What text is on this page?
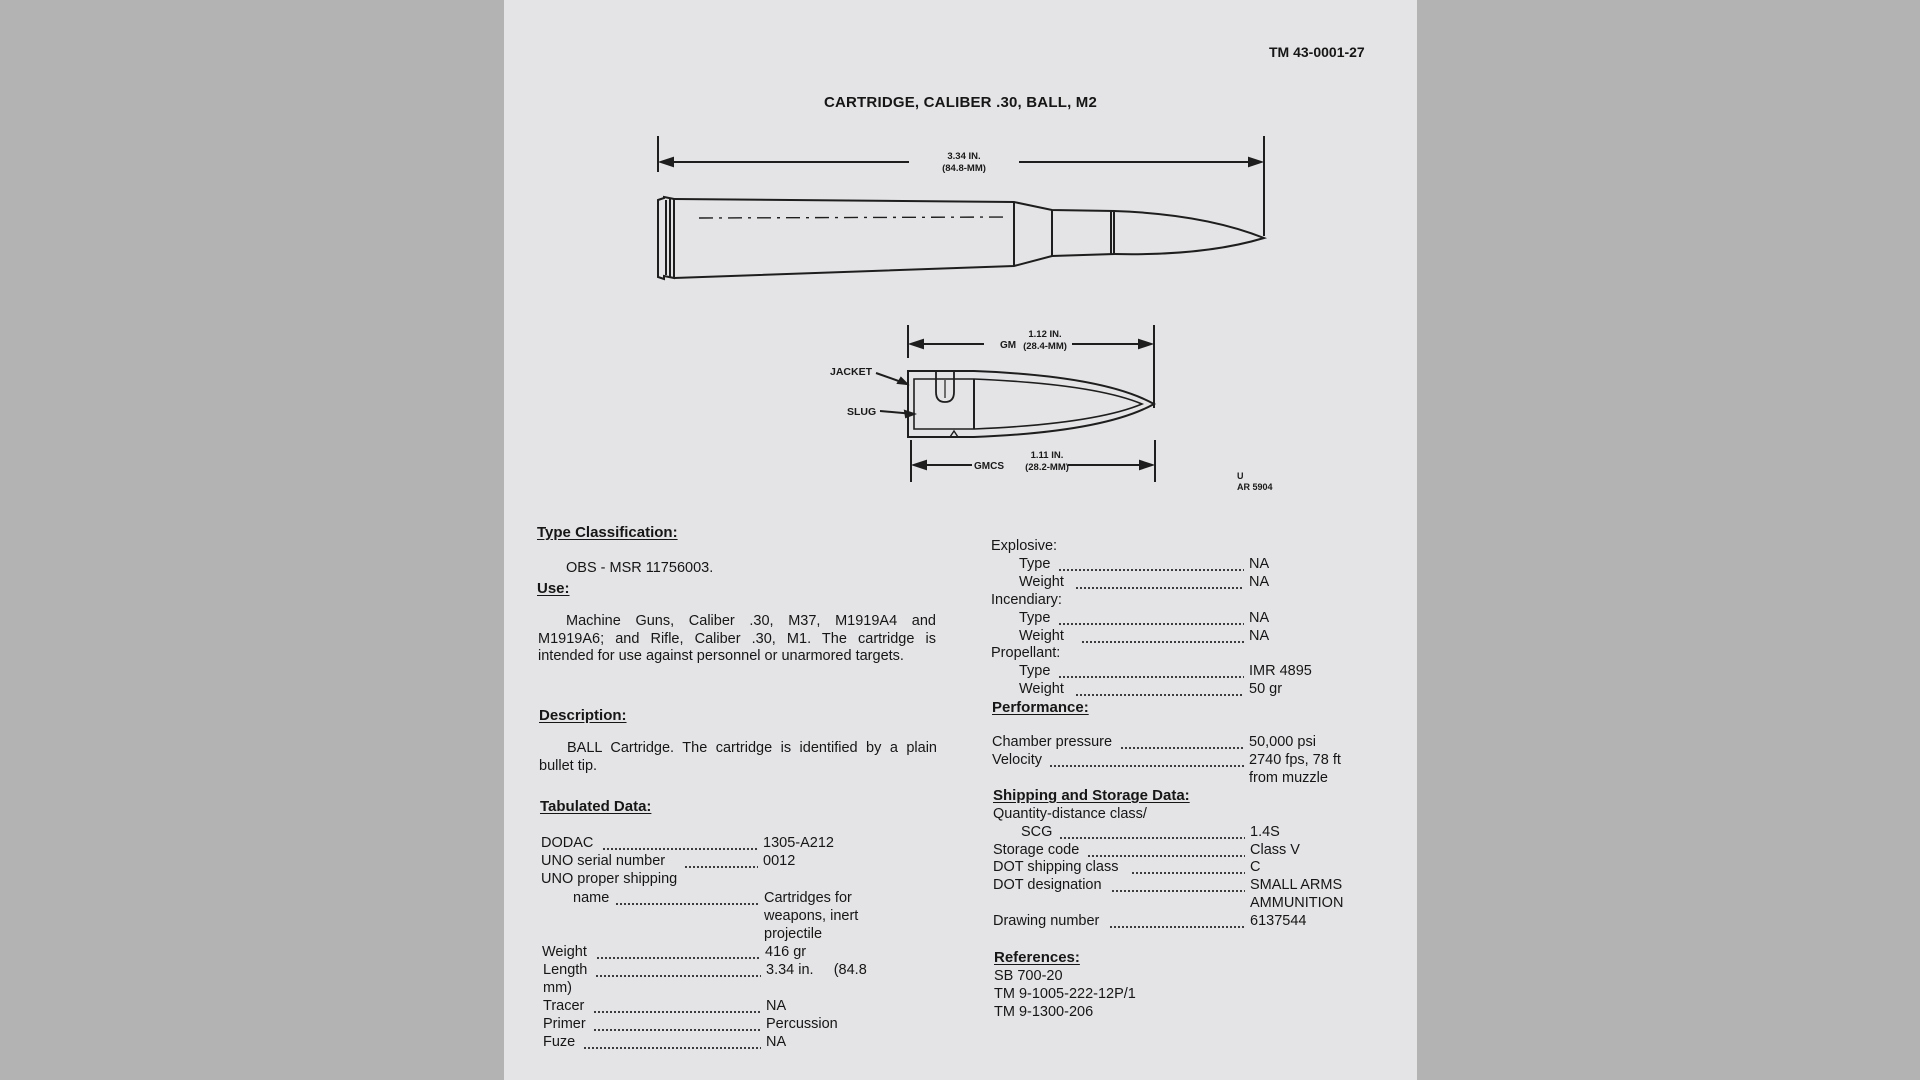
TM 43-0001-27
CARTRIDGE, CALIBER .30, BALL, M2
3.34 IN.
(84.8-MM)
GM
1.12 IN.
(28.4-MM)
GMCS
1.11 IN.
(28.2-MM)
JACKET
SLUG
U
AR 5904
Type Classification:
OBS - MSR 11756003.
Use:
Machine Guns, Caliber .30, M37, M1919A4 and M1919A6; and Rifle, Caliber .30, M1. The cartridge is intended for use against personnel or unarmored targets.
Description:
BALL Cartridge. The cartridge is identified by a plain bullet tip.
Tabulated Data:
DODAC	1305-A212
UNO serial number	0012
UNO proper shipping
name	Cartridges for
weapons, inert
projectile
Weight	416 gr
Length	3.34 in.     (84.8
mm)
Tracer	NA
Primer	Percussion
Fuze	NA
Explosive:
Type	NA
Weight	NA
Incendiary:
Type	NA
Weight	NA
Propellant:
Type	IMR 4895
Weight	50 gr
Performance:
Chamber pressure	50,000 psi
Velocity	2740 fps, 78 ft
from muzzle
Shipping and Storage Data:
Quantity-distance class/
SCG	1.4S
Storage code	Class V
DOT shipping class	C
DOT designation	SMALL ARMS
AMMUNITION
Drawing number	6137544
References:
SB 700-20
TM 9-1005-222-12P/1
TM 9-1300-206
